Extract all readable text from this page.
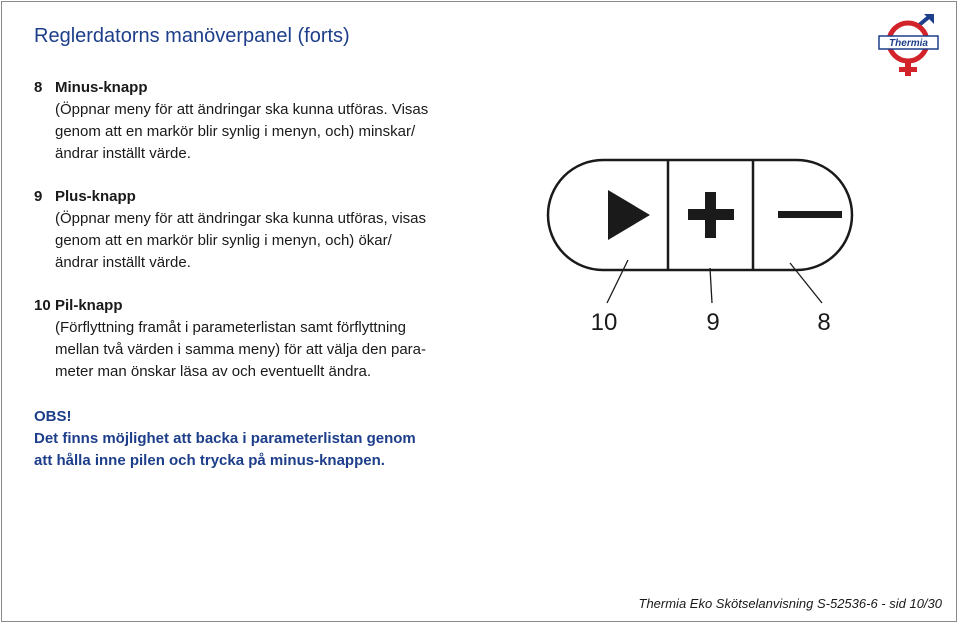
Reglerdatorns manöverpanel (forts)	Thermia
8 Minus-knapp
(Öppnar meny för att ändringar ska kunna utföras. Visas
genom att en markör blir synlig i menyn, och) minskar/
ändrar inställt värde.
9 Plus-knapp
(Öppnar meny för att ändringar ska kunna utföras, visas
genom att en markör blir synlig i menyn, och) ökar/
ändrar inställt värde.
10 Pil-knapp
(Förflyttning framåt i parameterlistan samt förflyttning
mellan två värden i samma meny) för att välja den para-
meter man önskar läsa av och eventuellt ändra.
OBS!
Det finns möjlighet att backa i parameterlistan genom
att hålla inne pilen och trycka på minus-knappen.
10	9	8
Thermia Eko Skötselanvisning S-52536-6 - sid 10/30
